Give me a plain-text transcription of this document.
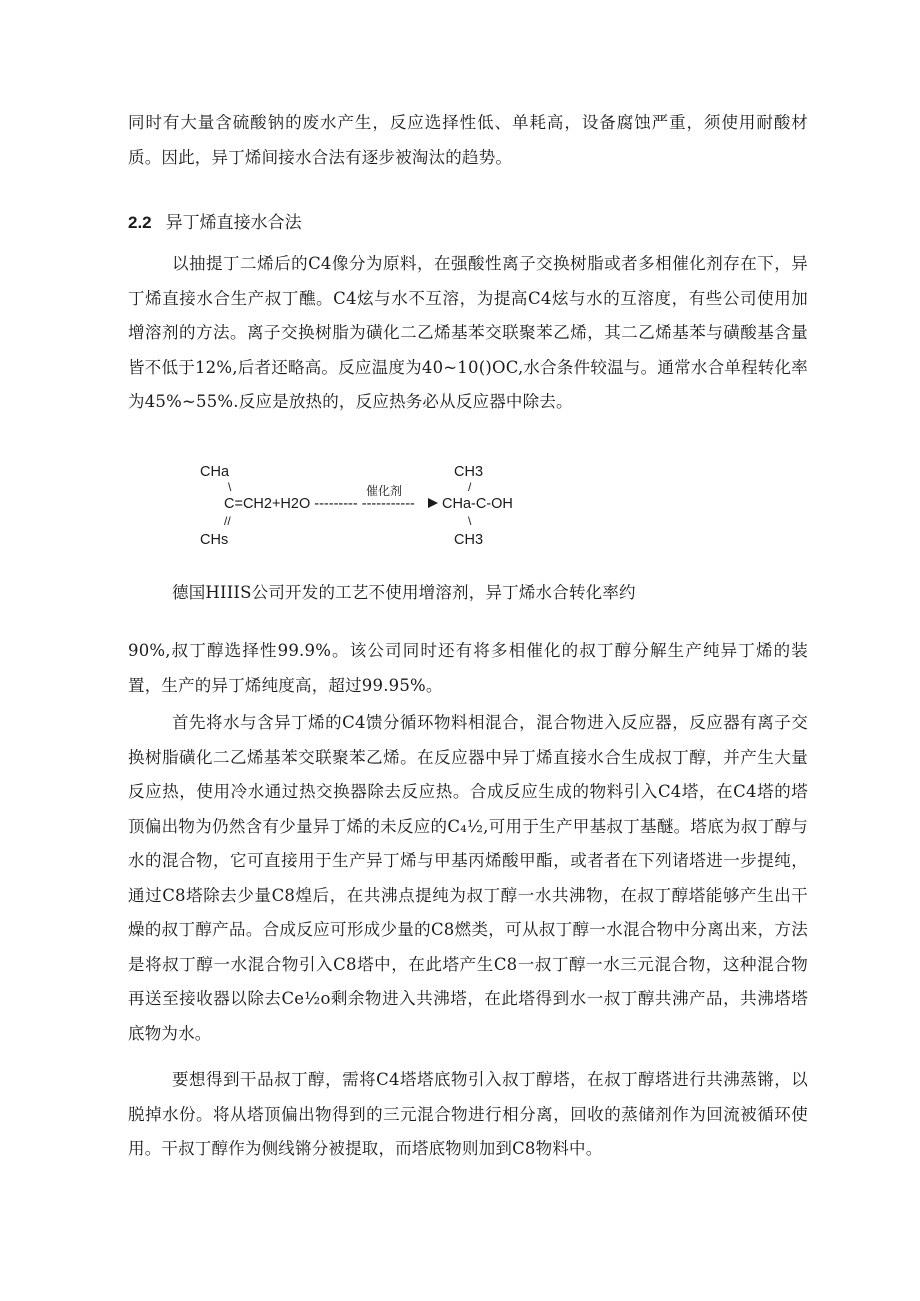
同时有大量含硫酸钠的废水产生，反应选择性低、单耗高，设备腐蚀严重，须使用耐酸材质。因此，异丁烯间接水合法有逐步被淘汰的趋势。

2.2 异丁烯直接水合法

以抽提丁二烯后的C4像分为原料，在强酸性离子交换树脂或者多相催化剂存在下，异丁烯直接水合生产叔丁醮。C4炫与水不互溶，为提高C4炫与水的互溶度，有些公司使用加增溶剂的方法。离子交换树脂为磺化二乙烯基苯交联聚苯乙烯，其二乙烯基苯与磺酸基含量皆不低于12%,后者还略高。反应温度为40~10()OC,水合条件较温与。通常水合单程转化率为45%~55%.反应是放热的，反应热务必从反应器中除去。

CHa
\
C=CH2+H2O --------- -----------
催化剂
//
CHs
CH3
/
CHa-C-OH
\
CH3

德国HIIIS公司开发的工艺不使用增溶剂，异丁烯水合转化率约

90%,叔丁醇选择性99.9%。该公司同时还有将多相催化的叔丁醇分解生产纯异丁烯的装置，生产的异丁烯纯度高，超过99.95%。

首先将水与含异丁烯的C4馈分循环物料相混合，混合物进入反应器，反应器有离子交换树脂磺化二乙烯基苯交联聚苯乙烯。在反应器中异丁烯直接水合生成叔丁醇，并产生大量反应热，使用冷水通过热交换器除去反应热。合成反应生成的物料引入C4塔，在C4塔的塔顶偏出物为仍然含有少量异丁烯的未反应的C₄½,可用于生产甲基叔丁基醚。塔底为叔丁醇与水的混合物，它可直接用于生产异丁烯与甲基丙烯酸甲酯，或者者在下列诸塔进一步提纯，通过C8塔除去少量C8煌后，在共沸点提纯为叔丁醇一水共沸物，在叔丁醇塔能够产生出干燥的叔丁醇产品。合成反应可形成少量的C8燃类，可从叔丁醇一水混合物中分离出来，方法是将叔丁醇一水混合物引入C8塔中，在此塔产生C8一叔丁醇一水三元混合物，这种混合物再送至接收器以除去Ce½o剩余物进入共沸塔，在此塔得到水一叔丁醇共沸产品，共沸塔塔底物为水。

要想得到干品叔丁醇，需将C4塔塔底物引入叔丁醇塔，在叔丁醇塔进行共沸蒸锵，以脱掉水份。将从塔顶偏出物得到的三元混合物进行相分离，回收的蒸储剂作为回流被循环使用。干叔丁醇作为侧线锵分被提取，而塔底物则加到C8物料中。
